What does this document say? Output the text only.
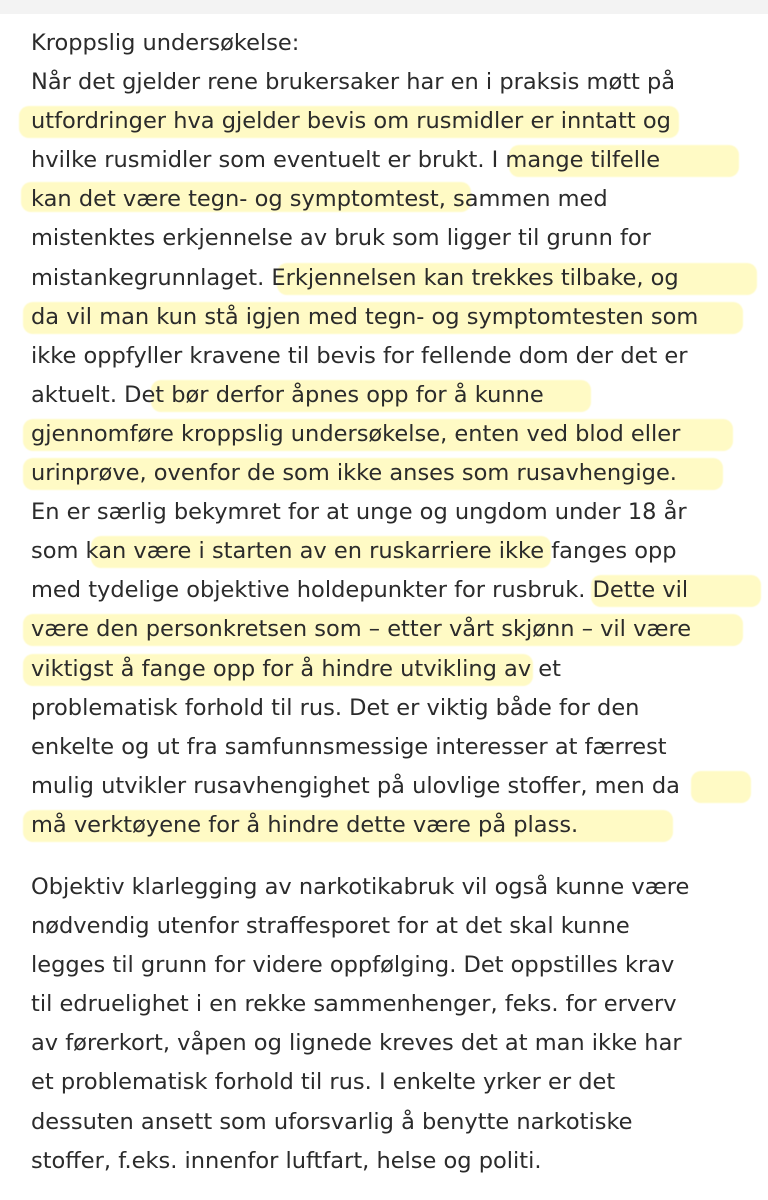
Kroppslig undersøkelse:
Når det gjelder rene brukersaker har en i praksis møtt på
utfordringer hva gjelder bevis om rusmidler er inntatt og
hvilke rusmidler som eventuelt er brukt. I mange tilfelle
kan det være tegn- og symptomtest, sammen med
mistenktes erkjennelse av bruk som ligger til grunn for
mistankegrunnlaget. Erkjennelsen kan trekkes tilbake, og
da vil man kun stå igjen med tegn- og symptomtesten som
ikke oppfyller kravene til bevis for fellende dom der det er
aktuelt. Det bør derfor åpnes opp for å kunne
gjennomføre kroppslig undersøkelse, enten ved blod eller
urinprøve, ovenfor de som ikke anses som rusavhengige.
En er særlig bekymret for at unge og ungdom under 18 år
som kan være i starten av en ruskarriere ikke fanges opp
med tydelige objektive holdepunkter for rusbruk. Dette vil
være den personkretsen som – etter vårt skjønn – vil være
viktigst å fange opp for å hindre utvikling av et
problematisk forhold til rus. Det er viktig både for den
enkelte og ut fra samfunnsmessige interesser at færrest
mulig utvikler rusavhengighet på ulovlige stoffer, men da
må verktøyene for å hindre dette være på plass.
Objektiv klarlegging av narkotikabruk vil også kunne være
nødvendig utenfor straffesporet for at det skal kunne
legges til grunn for videre oppfølging. Det oppstilles krav
til edruelighet i en rekke sammenhenger, feks. for erverv
av førerkort, våpen og lignede kreves det at man ikke har
et problematisk forhold til rus. I enkelte yrker er det
dessuten ansett som uforsvarlig å benytte narkotiske
stoffer, f.eks. innenfor luftfart, helse og politi.
